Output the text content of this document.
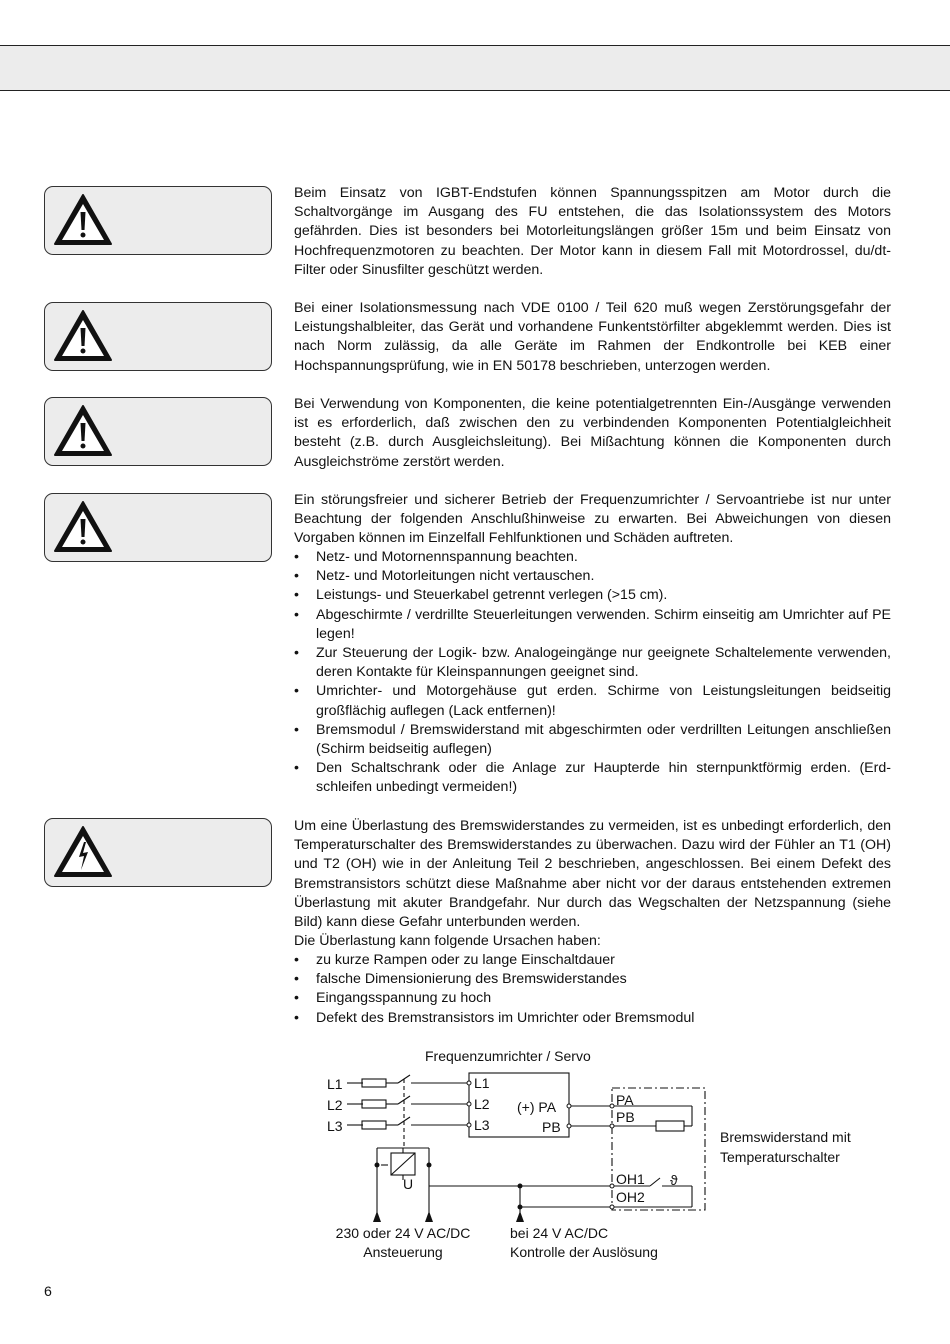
Beim Einsatz von IGBT-Endstufen können Spannungsspitzen am Motor durch die Schaltvorgänge im Ausgang des FU entstehen, die das Isolationssystem des Motors gefährden. Dies ist besonders bei Motorleitungslängen größer 15m und beim Einsatz von Hochfrequenzmotoren zu beachten. Der Motor kann in diesem Fall mit Motordrossel, du/dt-Filter oder Sinusfilter geschützt werden.

Bei einer Isolationsmessung nach VDE 0100 / Teil 620 muß wegen Zerstörungsgefahr der Leistungshalbleiter, das Gerät und vorhandene Funkentstörfilter abgeklemmt werden. Dies ist nach Norm zulässig, da alle Geräte im Rahmen der Endkontrolle bei KEB einer Hochspannungsprüfung, wie in EN 50178 beschrieben, unterzogen werden.

Bei Verwendung von Komponenten, die keine potentialgetrennten Ein-/Ausgänge verwenden ist es erforderlich, daß zwischen den zu verbindenden Komponenten Potentialgleichheit besteht (z.B. durch Ausgleichsleitung). Bei Mißachtung können die Komponenten durch Ausgleichströme zerstört werden.

Ein störungsfreier und sicherer Betrieb der Frequenzumrichter / Servoantriebe ist nur unter Beachtung der folgenden Anschlußhinweise zu erwarten. Bei Abweichungen von diesen Vorgaben können im Einzelfall Fehlfunktionen und Schäden auftreten.

• Netz- und Motornennspannung beachten.
• Netz- und Motorleitungen nicht vertauschen.
• Leistungs- und Steuerkabel getrennt verlegen (>15 cm).
• Abgeschirmte / verdrillte Steuerleitungen verwenden. Schirm einseitig am Umrichter auf PE legen!
• Zur Steuerung der Logik- bzw. Analogeingänge nur geeignete Schaltelemente verwenden, deren Kontakte für Kleinspannungen geeignet sind.
• Umrichter- und Motorgehäuse gut erden. Schirme von Leistungsleitungen beidseitig großflächig auflegen (Lack entfernen)!
• Bremsmodul / Bremswiderstand mit abgeschirmten oder verdrillten Leitungen anschließen (Schirm beidseitig auflegen)
• Den Schaltschrank oder die Anlage zur Haupterde hin sternpunktförmig erden. (Erdschleifen unbedingt vermeiden!)

Um eine Überlastung des Bremswiderstandes zu vermeiden, ist es unbedingt erforderlich, den Temperaturschalter des Bremswiderstandes zu überwachen. Dazu wird der Fühler an T1 (OH) und T2 (OH) wie in der Anleitung Teil 2 beschrieben, angeschlossen. Bei einem Defekt des Bremstransistors schützt diese Maßnahme aber nicht vor der daraus entstehenden extremen Überlastung mit akuter Brandgefahr. Nur durch das Wegschalten der Netzspannung (siehe Bild) kann diese Gefahr unterbunden werden.

Die Überlastung kann folgende Ursachen haben:

• zu kurze Rampen oder zu lange Einschaltdauer
• falsche Dimensionierung des Bremswiderstandes
• Eingangsspannung zu hoch
• Defekt des Bremstransistors im Umrichter oder Bremsmodul
Frequenzumrichter / Servo
L1
L2
L3
L1
L2
L3
(+) PA
PB
PA
PB
OH1
OH2
ϑ
U
Bremswiderstand mit
Temperaturschalter
230 oder 24 V AC/DC
Ansteuerung
bei 24 V AC/DC
Kontrolle der Auslösung
6
